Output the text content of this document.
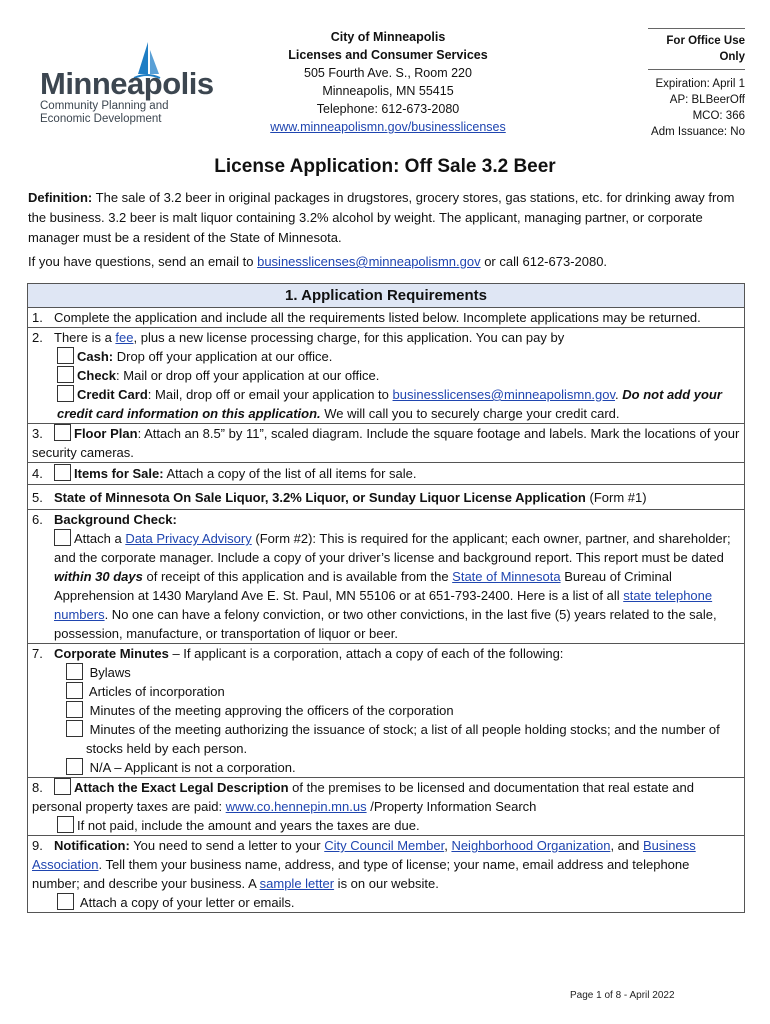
Minneapolis
Community Planning and
Economic Development
City of Minneapolis
Licenses and Consumer Services
505 Fourth Ave. S., Room 220
Minneapolis, MN 55415
Telephone: 612-673-2080
www.minneapolismn.gov/businesslicenses
For Office Use
Only
Expiration: April 1
AP: BLBeerOff
MCO: 366
Adm Issuance: No
License Application: Off Sale 3.2 Beer
Definition: The sale of 3.2 beer in original packages in drugstores, grocery stores, gas stations, etc. for drinking away from the business. 3.2 beer is malt liquor containing 3.2% alcohol by weight. The applicant, managing partner, or corporate manager must be a resident of the State of Minnesota.
If you have questions, send an email to businesslicenses@minneapolismn.gov or call 612-673-2080.
1. Application Requirements
1. Complete the application and include all the requirements listed below. Incomplete applications may be returned.
2. There is a fee, plus a new license processing charge, for this application. You can pay by
Cash: Drop off your application at our office.
Check: Mail or drop off your application at our office.
Credit Card: Mail, drop off or email your application to businesslicenses@minneapolismn.gov. Do not add your credit card information on this application. We will call you to securely charge your credit card.
3. Floor Plan: Attach an 8.5” by 11”, scaled diagram. Include the square footage and labels. Mark the locations of your security cameras.
4. Items for Sale: Attach a copy of the list of all items for sale.
5. State of Minnesota On Sale Liquor, 3.2% Liquor, or Sunday Liquor License Application (Form #1)
6. Background Check:
Attach a Data Privacy Advisory (Form #2): This is required for the applicant; each owner, partner, and shareholder; and the corporate manager. Include a copy of your driver’s license and background report. This report must be dated within 30 days of receipt of this application and is available from the State of Minnesota Bureau of Criminal Apprehension at 1430 Maryland Ave E. St. Paul, MN 55106 or at 651-793-2400. Here is a list of all state telephone numbers. No one can have a felony conviction, or two other convictions, in the last five (5) years related to the sale, possession, manufacture, or transportation of liquor or beer.
7. Corporate Minutes – If applicant is a corporation, attach a copy of each of the following:
Bylaws
Articles of incorporation
Minutes of the meeting approving the officers of the corporation
Minutes of the meeting authorizing the issuance of stock; a list of all people holding stocks; and the number of stocks held by each person.
N/A – Applicant is not a corporation.
8. Attach the Exact Legal Description of the premises to be licensed and documentation that real estate and personal property taxes are paid: www.co.hennepin.mn.us /Property Information Search
If not paid, include the amount and years the taxes are due.
9. Notification: You need to send a letter to your City Council Member, Neighborhood Organization, and Business Association. Tell them your business name, address, and type of license; your name, email address and telephone number; and describe your business. A sample letter is on our website.
Attach a copy of your letter or emails.
Page 1 of 8 - April 2022
